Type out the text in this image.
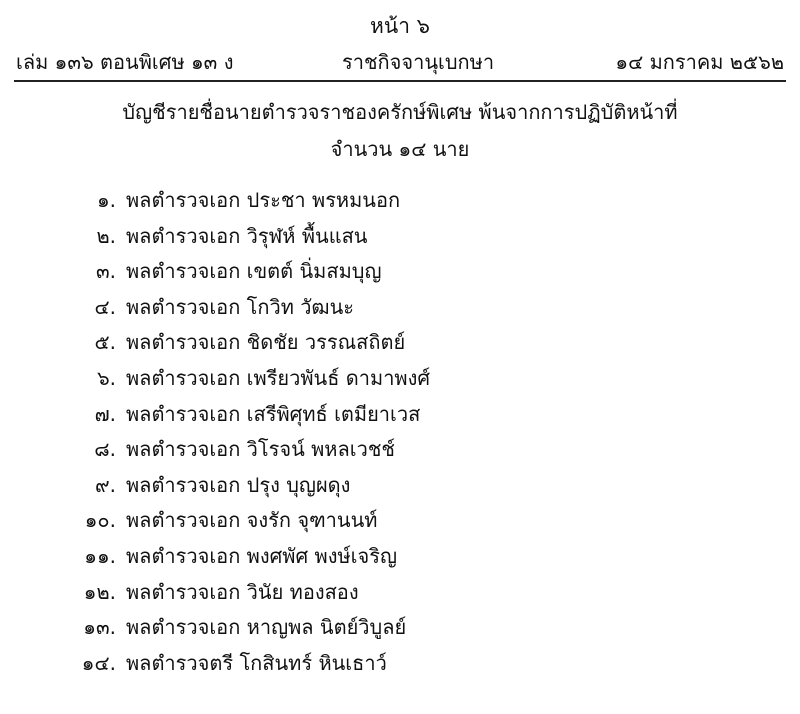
หน้า ๖
เล่ม ๑๓๖ ตอนพิเศษ ๑๓ ง	ราชกิจจานุเบกษา	๑๔ มกราคม ๒๕๖๒
บัญชีรายชื่อนายตำรวจราชองครักษ์พิเศษ พ้นจากการปฏิบัติหน้าที่
จำนวน ๑๔ นาย
๑. พลตำรวจเอก ประชา พรหมนอก
๒. พลตำรวจเอก วิรุฬห์ พื้นแสน
๓. พลตำรวจเอก เขตต์ นิ่มสมบุญ
๔. พลตำรวจเอก โกวิท วัฒนะ
๕. พลตำรวจเอก ชิดชัย วรรณสถิตย์
๖. พลตำรวจเอก เพรียวพันธ์ ดามาพงศ์
๗. พลตำรวจเอก เสรีพิศุทธ์ เตมียาเวส
๘. พลตำรวจเอก วิโรจน์ พหลเวชช์
๙. พลตำรวจเอก ปรุง บุญผดุง
๑๐. พลตำรวจเอก จงรัก จุฑานนท์
๑๑. พลตำรวจเอก พงศพัศ พงษ์เจริญ
๑๒. พลตำรวจเอก วินัย ทองสอง
๑๓. พลตำรวจเอก หาญพล นิตย์วิบูลย์
๑๔. พลตำรวจตรี โกสินทร์ หินเธาว์
